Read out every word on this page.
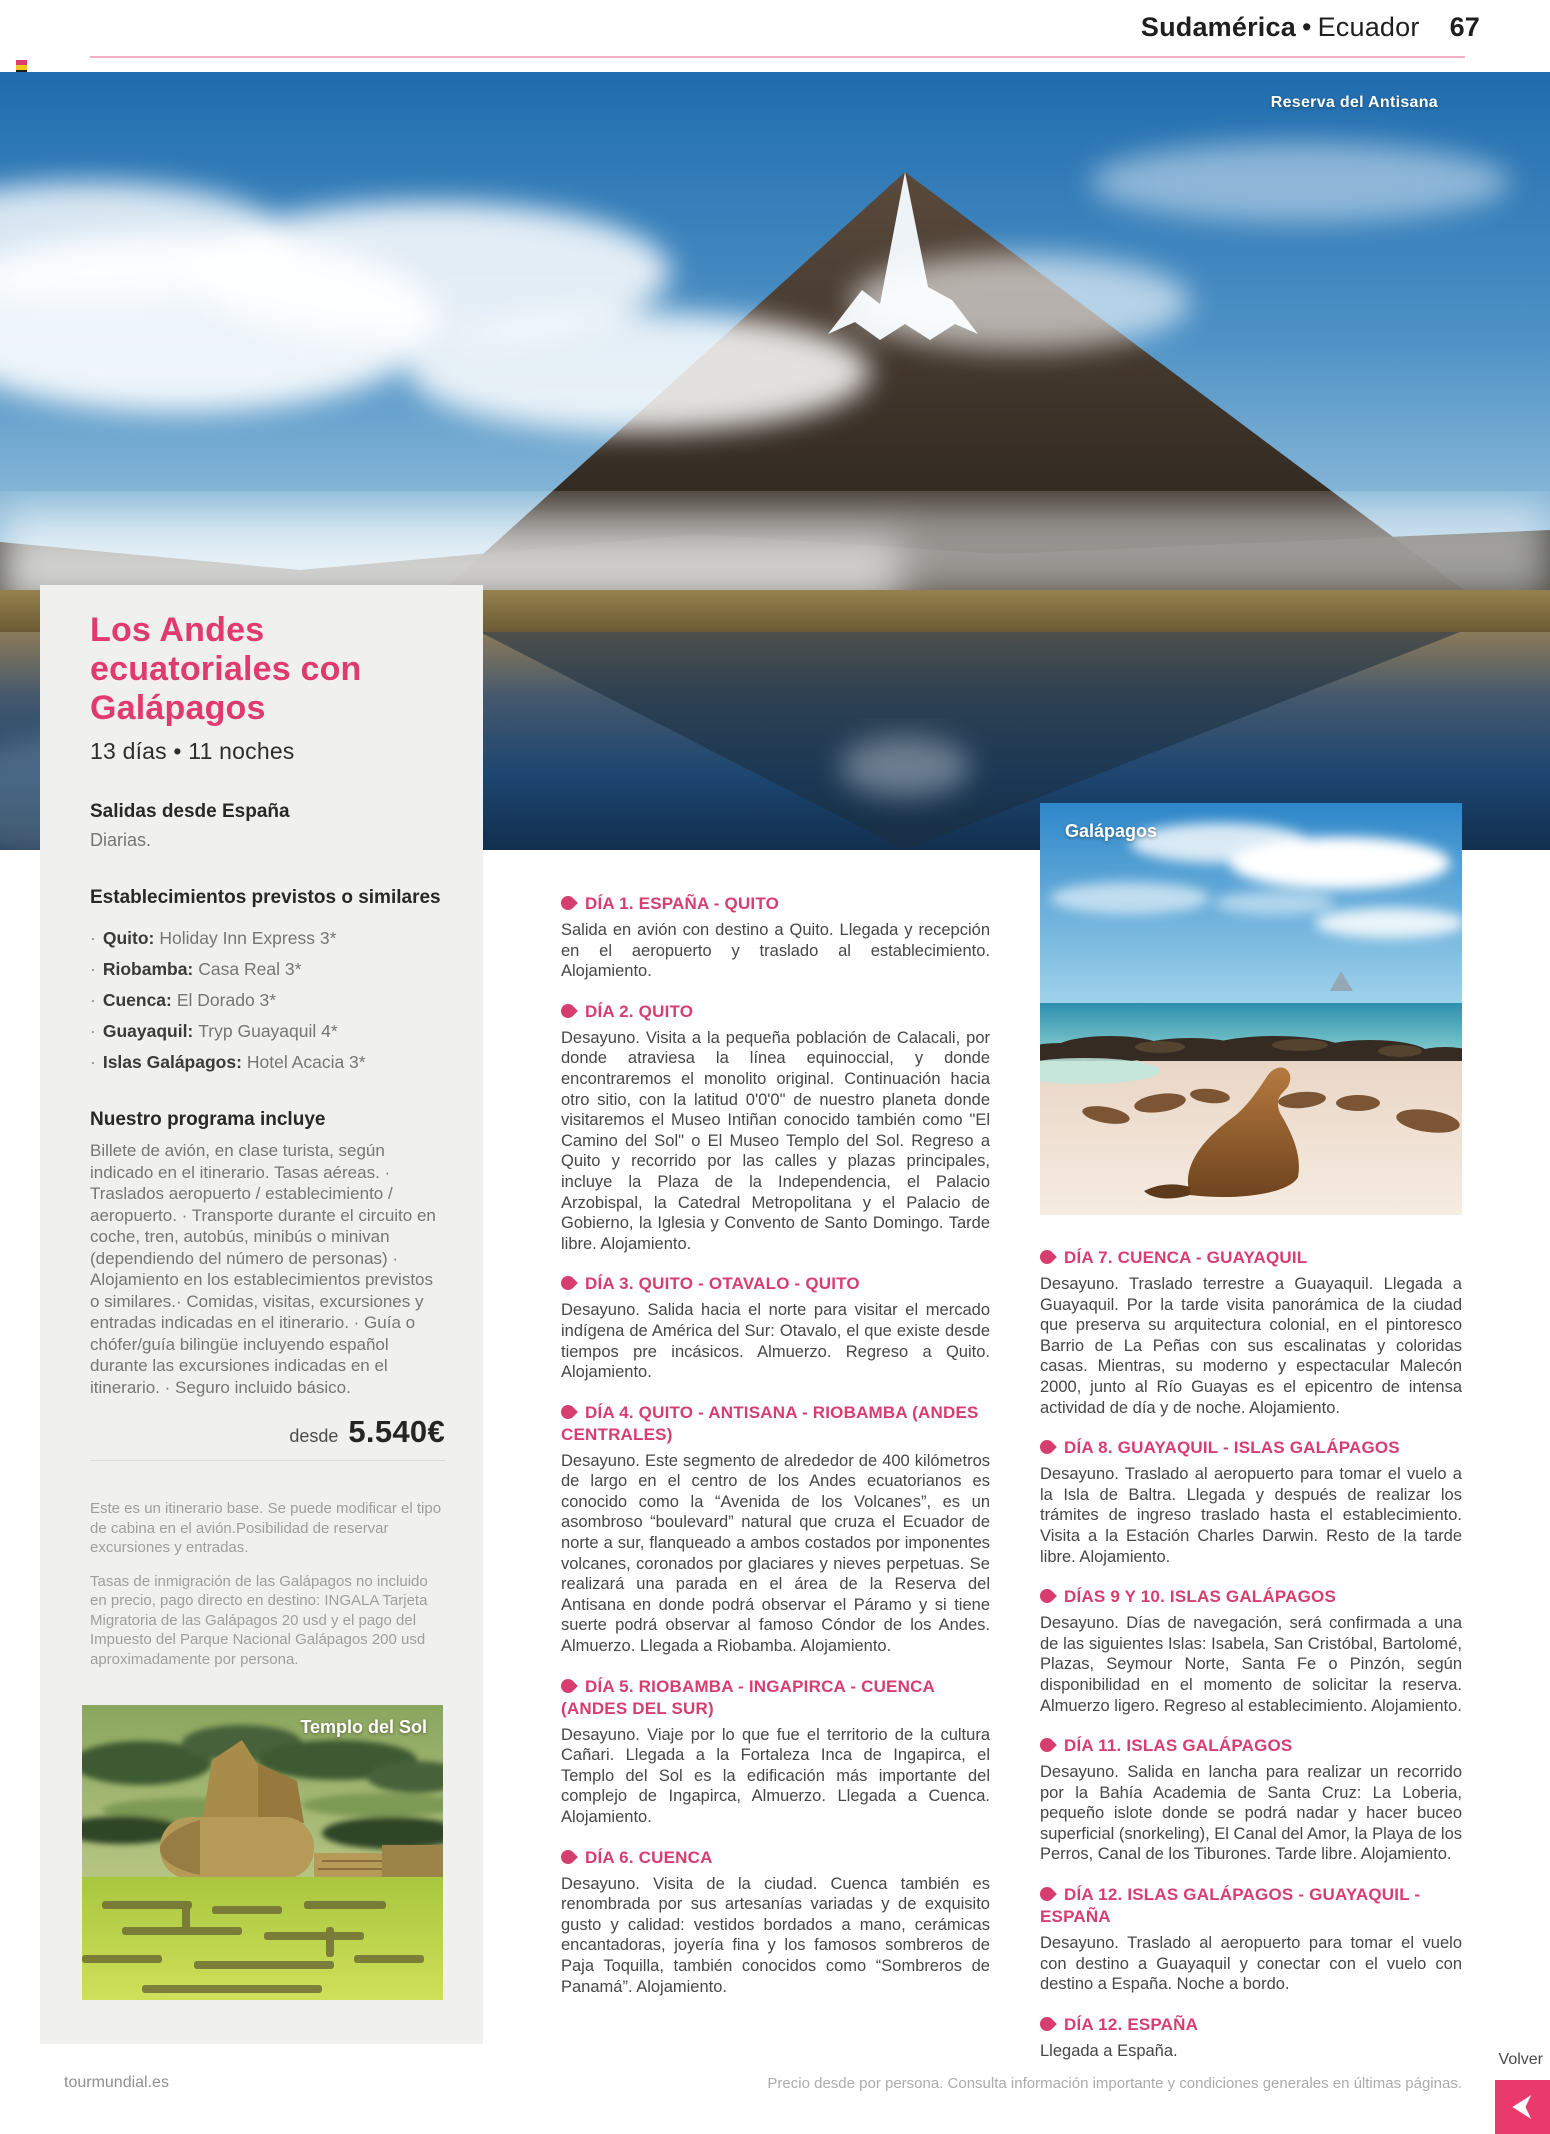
Sudamérica • Ecuador 67
Reserva del Antisana
Los Andes ecuatoriales con Galápagos
13 días • 11 noches
Salidas desde España
Diarias.
Establecimientos previstos o similares
· Quito: Holiday Inn Express 3*
· Riobamba: Casa Real 3*
· Cuenca: El Dorado 3*
· Guayaquil: Tryp Guayaquil 4*
· Islas Galápagos: Hotel Acacia 3*
Nuestro programa incluye

Billete de avión, en clase turista, según indicado en el itinerario. Tasas aéreas. · Traslados aeropuerto / establecimiento / aeropuerto. · Transporte durante el circuito en coche, tren, autobús, minibús o minivan (dependiendo del número de personas) · Alojamiento en los establecimientos previstos o similares.· Comidas, visitas, excursiones y entradas indicadas en el itinerario. · Guía o chófer/guía bilingüe incluyendo español durante las excursiones indicadas en el itinerario. · Seguro incluido básico.

desde 5.540€

Este es un itinerario base. Se puede modificar el tipo de cabina en el avión.Posibilidad de reservar excursiones y entradas.

Tasas de inmigración de las Galápagos no incluido en precio, pago directo en destino: INGALA Tarjeta Migratoria de las Galápagos 20 usd y el pago del Impuesto del Parque Nacional Galápagos 200 usd aproximadamente por persona.

Templo del Sol
DÍA 1. ESPAÑA - QUITO

Salida en avión con destino a Quito. Llegada y recepción en el aeropuerto y traslado al establecimiento. Alojamiento.

DÍA 2. QUITO

Desayuno. Visita a la pequeña población de Calacali, por donde atraviesa la línea equinoccial, y donde encontraremos el monolito original. Continuación hacia otro sitio, con la latitud 0'0'0" de nuestro planeta donde visitaremos el Museo Intiñan conocido también como "El Camino del Sol" o El Museo Templo del Sol. Regreso a Quito y recorrido por las calles y plazas principales, incluye la Plaza de la Independencia, el Palacio Arzobispal, la Catedral Metropolitana y el Palacio de Gobierno, la Iglesia y Convento de Santo Domingo. Tarde libre. Alojamiento.

DÍA 3. QUITO - OTAVALO - QUITO

Desayuno. Salida hacia el norte para visitar el mercado indígena de América del Sur: Otavalo, el que existe desde tiempos pre incásicos. Almuerzo. Regreso a Quito. Alojamiento.

DÍA 4. QUITO - ANTISANA - RIOBAMBA (ANDES CENTRALES)

Desayuno. Este segmento de alrededor de 400 kilómetros de largo en el centro de los Andes ecuatorianos es conocido como la “Avenida de los Volcanes”, es un asombroso “boulevard” natural que cruza el Ecuador de norte a sur, flanqueado a ambos costados por imponentes volcanes, coronados por glaciares y nieves perpetuas. Se realizará una parada en el área de la Reserva del Antisana en donde podrá observar el Páramo y si tiene suerte podrá observar al famoso Cóndor de los Andes. Almuerzo. Llegada a Riobamba. Alojamiento.

DÍA 5. RIOBAMBA - INGAPIRCA - CUENCA (ANDES DEL SUR)

Desayuno. Viaje por lo que fue el territorio de la cultura Cañari. Llegada a la Fortaleza Inca de Ingapirca, el Templo del Sol es la edificación más importante del complejo de Ingapirca, Almuerzo. Llegada a Cuenca. Alojamiento.

DÍA 6. CUENCA

Desayuno. Visita de la ciudad. Cuenca también es renombrada por sus artesanías variadas y de exquisito gusto y calidad: vestidos bordados a mano, cerámicas encantadoras, joyería fina y los famosos sombreros de Paja Toquilla, también conocidos como “Sombreros de Panamá”. Alojamiento.

Galápagos
DÍA 7. CUENCA - GUAYAQUIL

Desayuno. Traslado terrestre a Guayaquil. Llegada a Guayaquil. Por la tarde visita panorámica de la ciudad que preserva su arquitectura colonial, en el pintoresco Barrio de La Peñas con sus escalinatas y coloridas casas. Mientras, su moderno y espectacular Malecón 2000, junto al Río Guayas es el epicentro de intensa actividad de día y de noche. Alojamiento.

DÍA 8. GUAYAQUIL - ISLAS GALÁPAGOS

Desayuno. Traslado al aeropuerto para tomar el vuelo a la Isla de Baltra. Llegada y después de realizar los trámites de ingreso traslado hasta el establecimiento. Visita a la Estación Charles Darwin. Resto de la tarde libre. Alojamiento.

DÍAS 9 Y 10. ISLAS GALÁPAGOS

Desayuno. Días de navegación, será confirmada a una de las siguientes Islas: Isabela, San Cristóbal, Bartolomé, Plazas, Seymour Norte, Santa Fe o Pinzón, según disponibilidad en el momento de solicitar la reserva. Almuerzo ligero. Regreso al establecimiento. Alojamiento.

DÍA 11. ISLAS GALÁPAGOS

Desayuno. Salida en lancha para realizar un recorrido por la Bahía Academia de Santa Cruz: La Loberia, pequeño islote donde se podrá nadar y hacer buceo superficial (snorkeling), El Canal del Amor, la Playa de los Perros, Canal de los Tiburones. Tarde libre. Alojamiento.

DÍA 12. ISLAS GALÁPAGOS - GUAYAQUIL - ESPAÑA

Desayuno. Traslado al aeropuerto para tomar el vuelo con destino a Guayaquil y conectar con el vuelo con destino a España. Noche a bordo.

DÍA 12. ESPAÑA

Llegada a España.

tourmundial.es	Precio desde por persona. Consulta información importante y condiciones generales en últimas páginas.
Volver
